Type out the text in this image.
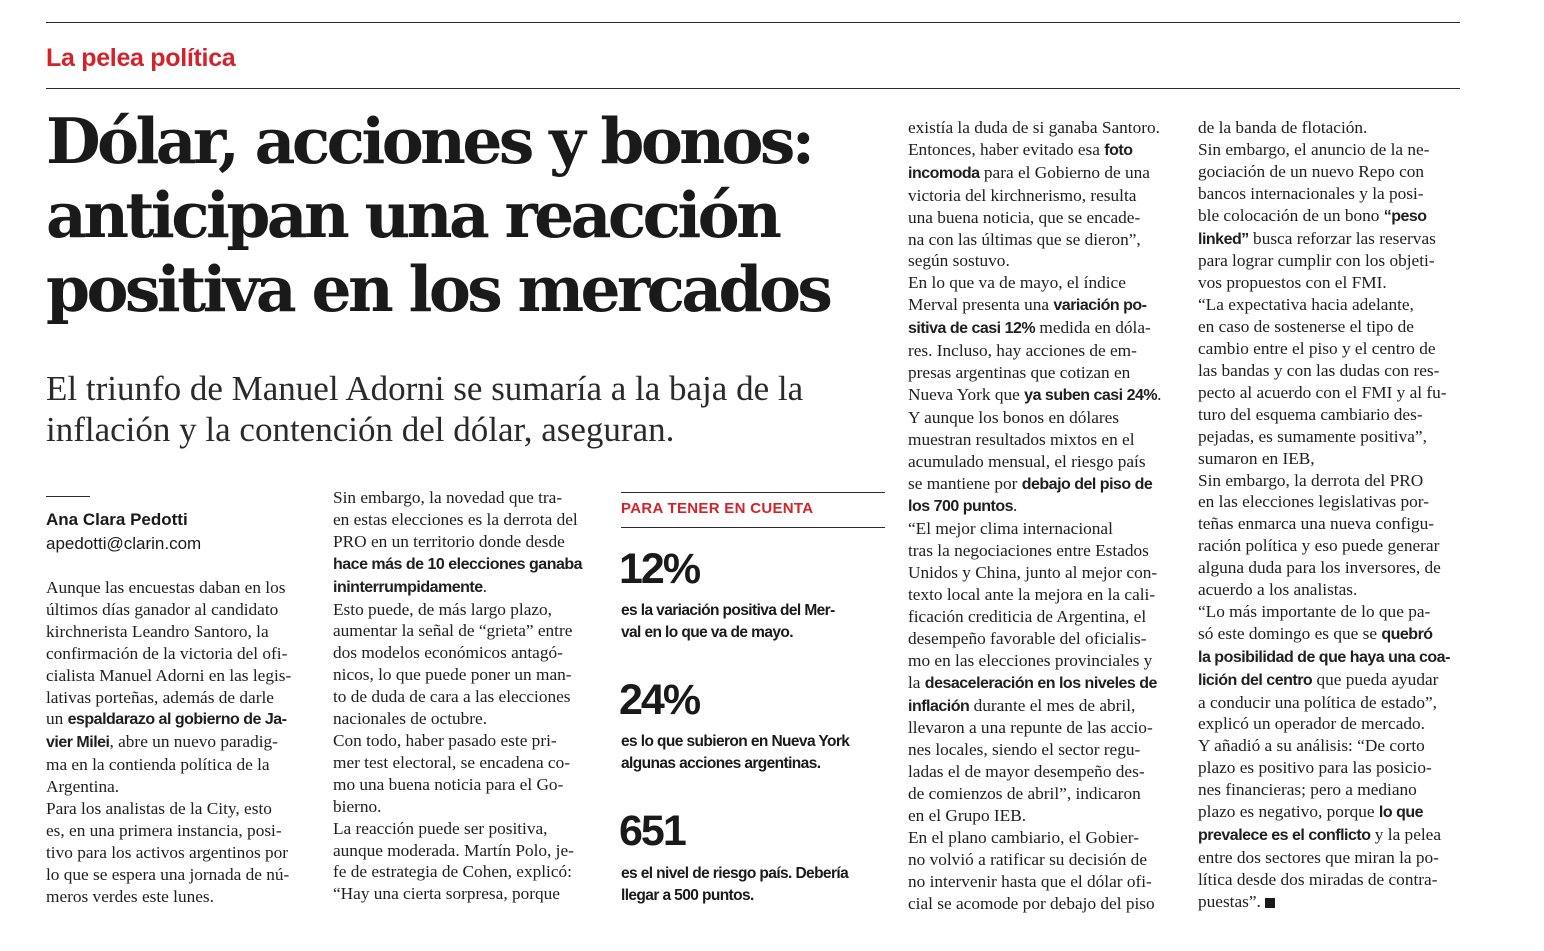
La pelea política
Dólar, acciones y bonos:
anticipan una reacción
positiva en los mercados
El triunfo de Manuel Adorni se sumaría a la baja de la
inflación y la contención del dólar, aseguran.
Ana Clara Pedotti
apedotti@clarin.com
Aunque las encuestas daban en los
últimos días ganador al candidato
kirchnerista Leandro Santoro, la
confirmación de la victoria del ofi-
cialista Manuel Adorni en las legis-
lativas porteñas, además de darle
un espaldarazo al gobierno de Ja-
vier Milei, abre un nuevo paradig-
ma en la contienda política de la
Argentina.
Para los analistas de la City, esto
es, en una primera instancia, posi-
tivo para los activos argentinos por
lo que se espera una jornada de nú-
meros verdes este lunes.
Sin embargo, la novedad que tra-
en estas elecciones es la derrota del
PRO en un territorio donde desde
hace más de 10 elecciones ganaba
ininterrumpidamente.
Esto puede, de más largo plazo,
aumentar la señal de “grieta” entre
dos modelos económicos antagó-
nicos, lo que puede poner un man-
to de duda de cara a las elecciones
nacionales de octubre.
Con todo, haber pasado este pri-
mer test electoral, se encadena co-
mo una buena noticia para el Go-
bierno.
La reacción puede ser positiva,
aunque moderada. Martín Polo, je-
fe de estrategia de Cohen, explicó:
“Hay una cierta sorpresa, porque
PARA TENER EN CUENTA
12%
es la variación positiva del Mer-
val en lo que va de mayo.
24%
es lo que subieron en Nueva York
algunas acciones argentinas.
651
es el nivel de riesgo país. Debería
llegar a 500 puntos.
existía la duda de si ganaba Santoro.
Entonces, haber evitado esa foto
incomoda para el Gobierno de una
victoria del kirchnerismo, resulta
una buena noticia, que se encade-
na con las últimas que se dieron”,
según sostuvo.
En lo que va de mayo, el índice
Merval presenta una variación po-
sitiva de casi 12% medida en dóla-
res. Incluso, hay acciones de em-
presas argentinas que cotizan en
Nueva York que ya suben casi 24%.
Y aunque los bonos en dólares
muestran resultados mixtos en el
acumulado mensual, el riesgo país
se mantiene por debajo del piso de
los 700 puntos.
“El mejor clima internacional
tras la negociaciones entre Estados
Unidos y China, junto al mejor con-
texto local ante la mejora en la cali-
ficación crediticia de Argentina, el
desempeño favorable del oficialis-
mo en las elecciones provinciales y
la desaceleración en los niveles de
inflación durante el mes de abril,
llevaron a una repunte de las accio-
nes locales, siendo el sector regu-
ladas el de mayor desempeño des-
de comienzos de abril”, indicaron
en el Grupo IEB.
En el plano cambiario, el Gobier-
no volvió a ratificar su decisión de
no intervenir hasta que el dólar ofi-
cial se acomode por debajo del piso
de la banda de flotación.
Sin embargo, el anuncio de la ne-
gociación de un nuevo Repo con
bancos internacionales y la posi-
ble colocación de un bono “peso
linked” busca reforzar las reservas
para lograr cumplir con los objeti-
vos propuestos con el FMI.
“La expectativa hacia adelante,
en caso de sostenerse el tipo de
cambio entre el piso y el centro de
las bandas y con las dudas con res-
pecto al acuerdo con el FMI y al fu-
turo del esquema cambiario des-
pejadas, es sumamente positiva”,
sumaron en IEB,
Sin embargo, la derrota del PRO
en las elecciones legislativas por-
teñas enmarca una nueva configu-
ración política y eso puede generar
alguna duda para los inversores, de
acuerdo a los analistas.
“Lo más importante de lo que pa-
só este domingo es que se quebró
la posibilidad de que haya una coa-
lición del centro que pueda ayudar
a conducir una política de estado”,
explicó un operador de mercado.
Y añadió a su análisis: “De corto
plazo es positivo para las posicio-
nes financieras; pero a mediano
plazo es negativo, porque lo que
prevalece es el conflicto y la pelea
entre dos sectores que miran la po-
lítica desde dos miradas de contra-
puestas”.
